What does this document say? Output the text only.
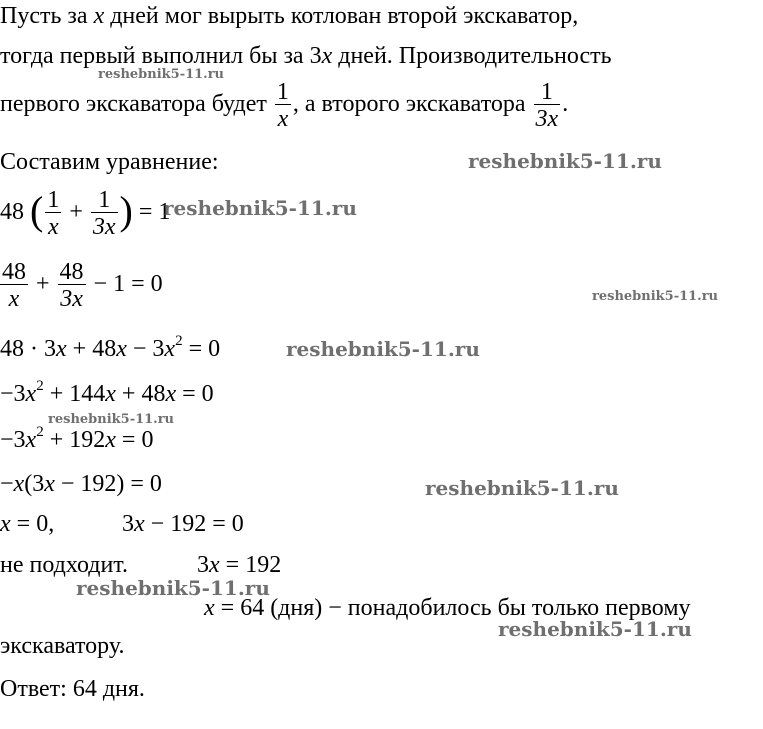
Пусть за x дней мог вырыть котлован второй экскаватор,
тогда первый выполнил бы за 3x дней. Производительность
первого экскаватора будет $\frac{1}{x}$ , а второго экскаватора $\frac{1}{3x}$ .
Составим уравнение:
48 ( $\frac{1}{x} + \frac{1}{3x}$ ) = 1
$\frac{48}{x} + \frac{48}{3x} - 1 = 0$
$48 \cdot 3x + 48x - 3x^2 = 0$
$-3x^2 + 144x + 48x = 0$
$-3x^2 + 192x = 0$
−x(3x − 192) = 0
x = 0,	3x − 192 = 0
не подходит.	3x = 192
x = 64 (дня) − понадобилось бы только первому
экскаватору.
Ответ: 64 дня.
reshebnik5-11.ru
reshebnik5-11.ru
reshebnik5-11.ru
reshebnik5-11.ru
reshebnik5-11.ru
reshebnik5-11.ru
reshebnik5-11.ru
reshebnik5-11.ru
reshebnik5-11.ru
